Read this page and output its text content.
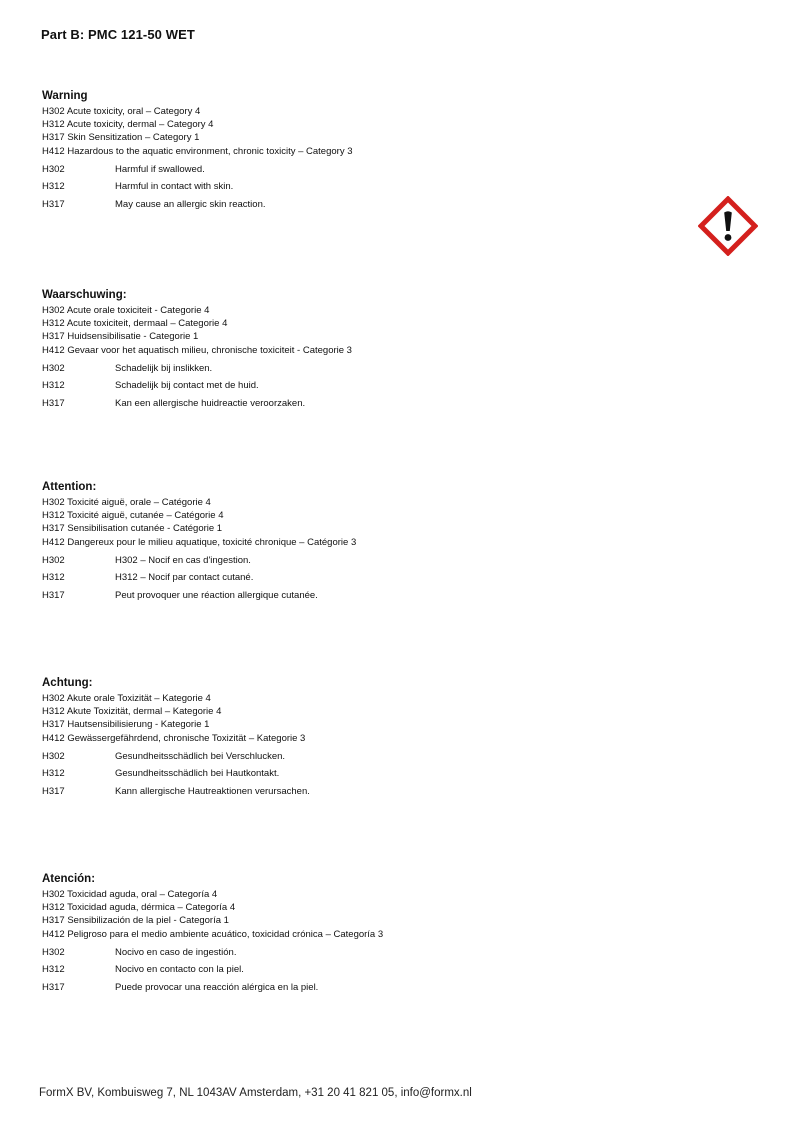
Part B: PMC 121-50 WET
Warning
H302 Acute toxicity, oral – Category 4
H312 Acute toxicity, dermal – Category 4
H317 Skin Sensitization – Category 1
H412 Hazardous to the aquatic environment, chronic toxicity – Category 3
H302	Harmful if swallowed.
H312	Harmful in contact with skin.
H317	May cause an allergic skin reaction.
Waarschuwing:
H302 Acute orale toxiciteit - Categorie 4
H312 Acute toxiciteit, dermaal – Categorie 4
H317 Huidsensibilisatie - Categorie 1
H412 Gevaar voor het aquatisch milieu, chronische toxiciteit - Categorie 3
H302	Schadelijk bij inslikken.
H312	Schadelijk bij contact met de huid.
H317	Kan een allergische huidreactie veroorzaken.
Attention:
H302 Toxicité aiguë, orale – Catégorie 4
H312 Toxicité aiguë, cutanée – Catégorie 4
H317 Sensibilisation cutanée - Catégorie 1
H412 Dangereux pour le milieu aquatique, toxicité chronique – Catégorie 3
H302	H302 – Nocif en cas d'ingestion.
H312	H312 – Nocif par contact cutané.
H317	Peut provoquer une réaction allergique cutanée.
Achtung:
H302 Akute orale Toxizität – Kategorie 4
H312 Akute Toxizität, dermal – Kategorie 4
H317 Hautsensibilisierung - Kategorie 1
H412 Gewässergefährdend, chronische Toxizität – Kategorie 3
H302	Gesundheitsschädlich bei Verschlucken.
H312	Gesundheitsschädlich bei Hautkontakt.
H317	Kann allergische Hautreaktionen verursachen.
Atención:
H302 Toxicidad aguda, oral – Categoría 4
H312 Toxicidad aguda, dérmica – Categoría 4
H317 Sensibilización de la piel - Categoría 1
H412 Peligroso para el medio ambiente acuático, toxicidad crónica – Categoría 3
H302	Nocivo en caso de ingestión.
H312	Nocivo en contacto con la piel.
H317	Puede provocar una reacción alérgica en la piel.
FormX BV, Kombuisweg 7, NL 1043AV Amsterdam, +31 20 41 821 05, info@formx.nl
